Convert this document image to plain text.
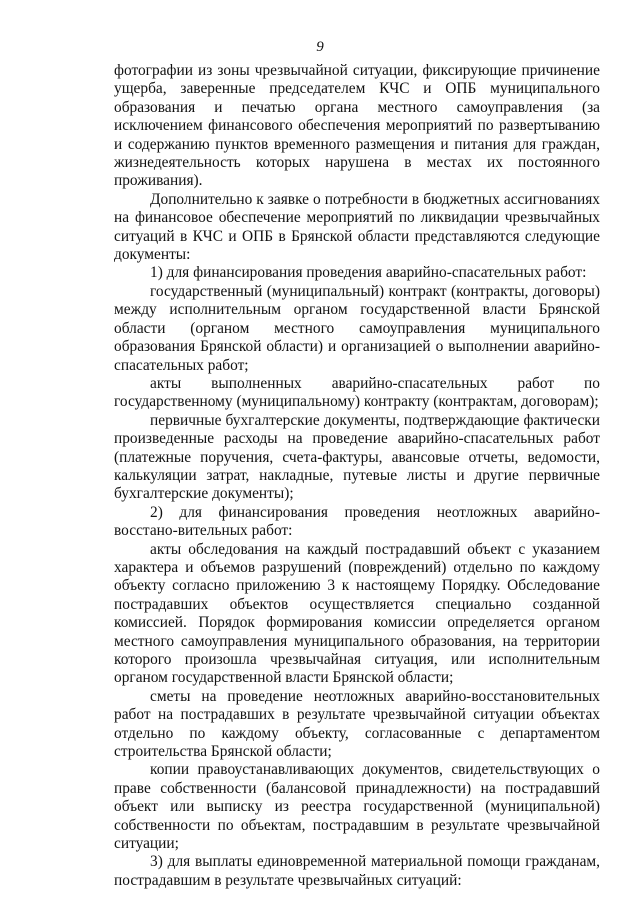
9

фотографии из зоны чрезвычайной ситуации, фиксирующие причинение ущерба, заверенные председателем КЧС и ОПБ муниципального образования и печатью органа местного самоуправления (за исключением финансового обеспечения мероприятий по развертыванию и содержанию пунктов временного размещения и питания для граждан, жизнедеятельность которых нарушена в местах их постоянного проживания).

Дополнительно к заявке о потребности в бюджетных ассигнованиях на финансовое обеспечение мероприятий по ликвидации чрезвычайных ситуаций в КЧС и ОПБ в Брянской области представляются следующие документы:

1) для финансирования проведения аварийно-спасательных работ:

государственный (муниципальный) контракт (контракты, договоры) между исполнительным органом государственной власти Брянской области (органом местного самоуправления муниципального образования Брянской области) и организацией о выполнении аварийно-спасательных работ;

акты выполненных аварийно-спасательных работ по государственному (муниципальному) контракту (контрактам, договорам);

первичные бухгалтерские документы, подтверждающие фактически произведенные расходы на проведение аварийно-спасательных работ (платежные поручения, счета-фактуры, авансовые отчеты, ведомости, калькуляции затрат, накладные, путевые листы и другие первичные бухгалтерские документы);

2) для финансирования проведения неотложных аварийно-восстано-вительных работ:

акты обследования на каждый пострадавший объект с указанием характера и объемов разрушений (повреждений) отдельно по каждому объекту согласно приложению 3 к настоящему Порядку. Обследование пострадавших объектов осуществляется специально созданной комиссией. Порядок формирования комиссии определяется органом местного самоуправления муниципального образования, на территории которого произошла чрезвычайная ситуация, или исполнительным органом государственной власти Брянской области;

сметы на проведение неотложных аварийно-восстановительных работ на пострадавших в результате чрезвычайной ситуации объектах отдельно по каждому объекту, согласованные с департаментом строительства Брянской области;

копии правоустанавливающих документов, свидетельствующих о праве собственности (балансовой принадлежности) на пострадавший объект или выписку из реестра государственной (муниципальной) собственности по объектам, пострадавшим в результате чрезвычайной ситуации;

3) для выплаты единовременной материальной помощи гражданам, пострадавшим в результате чрезвычайных ситуаций:
